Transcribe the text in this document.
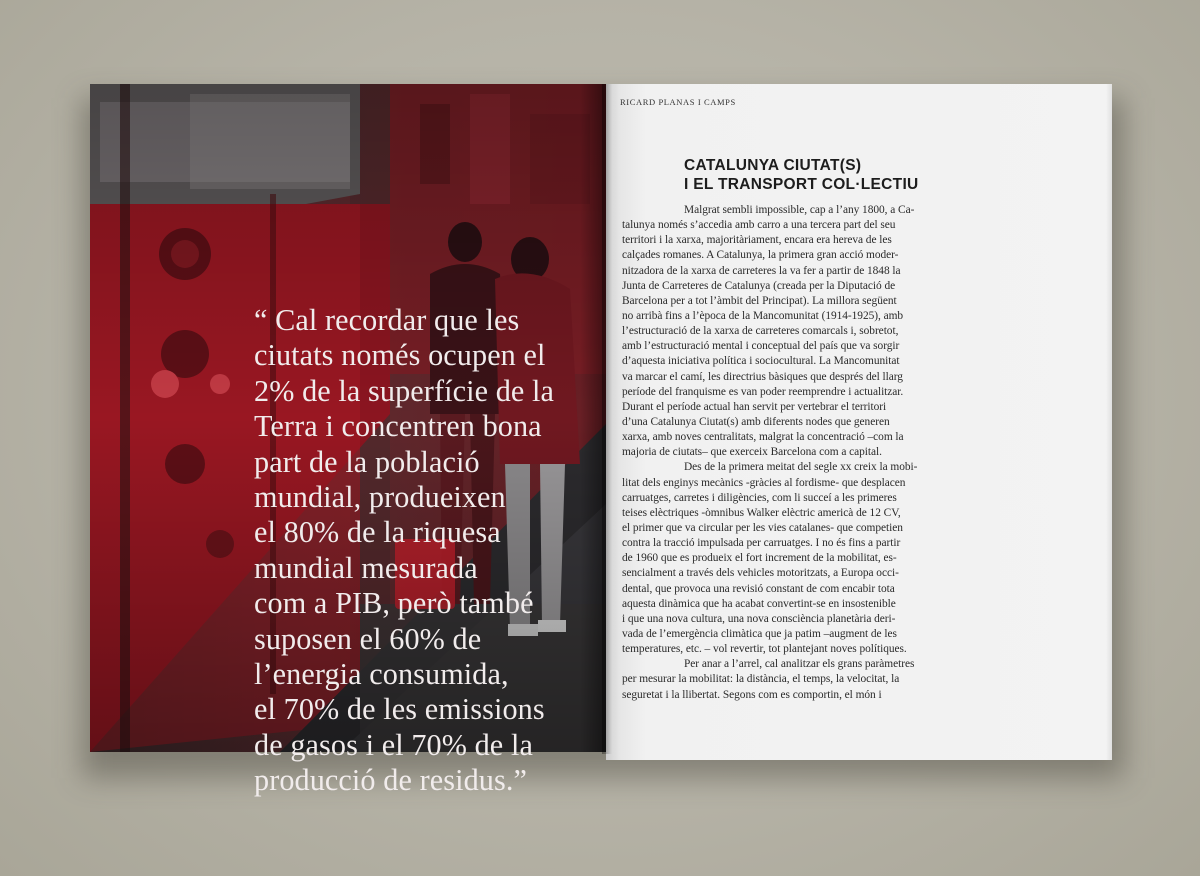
“ Cal recordar que les
ciutats només ocupen el
2% de la superfície de la
Terra i concentren bona
part de la població
mundial, produeixen
el 80% de la riquesa
mundial mesurada
com a PIB, però també
suposen el 60% de
l’energia consumida,
el 70% de les emissions
de gasos i el 70% de la
producció de residus.”

RICARD PLANAS I CAMPS
CATALUNYA CIUTAT(S)
I EL TRANSPORT COL·LECTIU
Malgrat sembli impossible, cap a l’any 1800, a Ca-
talunya només s’accedia amb carro a una tercera part del seu
territori i la xarxa, majoritàriament, encara era hereva de les
calçades romanes. A Catalunya, la primera gran acció moder-
nitzadora de la xarxa de carreteres la va fer a partir de 1848 la
Junta de Carreteres de Catalunya (creada per la Diputació de
Barcelona per a tot l’àmbit del Principat). La millora següent
no arribà fins a l’època de la Mancomunitat (1914-1925), amb
l’estructuració de la xarxa de carreteres comarcals i, sobretot,
amb l’estructuració mental i conceptual del país que va sorgir
d’aquesta iniciativa política i sociocultural. La Mancomunitat
va marcar el camí, les directrius bàsiques que després del llarg
període del franquisme es van poder reemprendre i actualitzar.
Durant el període actual han servit per vertebrar el territori
d’una Catalunya Ciutat(s) amb diferents nodes que generen
xarxa, amb noves centralitats, malgrat la concentració –com la
majoria de ciutats– que exerceix Barcelona com a capital.
Des de la primera meitat del segle xx creix la mobi-
litat dels enginys mecànics -gràcies al fordisme- que desplacen
carruatges, carretes i diligències, com li succeí a les primeres
teises elèctriques -òmnibus Walker elèctric americà de 12 CV,
el primer que va circular per les vies catalanes- que competien
contra la tracció impulsada per carruatges. I no és fins a partir
de 1960 que es produeix el fort increment de la mobilitat, es-
sencialment a través dels vehicles motoritzats, a Europa occi-
dental, que provoca una revisió constant de com encabir tota
aquesta dinàmica que ha acabat convertint-se en insostenible
i que una nova cultura, una nova consciència planetària deri-
vada de l’emergència climàtica que ja patim –augment de les
temperatures, etc. – vol revertir, tot plantejant noves polítiques.
Per anar a l’arrel, cal analitzar els grans paràmetres
per mesurar la mobilitat: la distància, el temps, la velocitat, la
seguretat i la llibertat. Segons com es comportin, el món i
